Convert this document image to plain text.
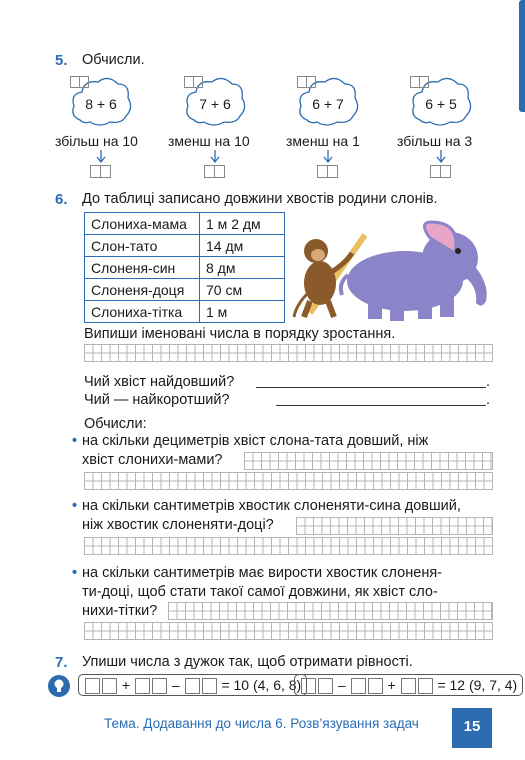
5. Обчисли.
8 + 6
збільш на 10
7 + 6
зменш на 10
6 + 7
зменш на 1
6 + 5
збільш на 3
6. До таблиці записано довжини хвостів родини слонів.
Слониха-мама	1 м 2 дм
Слон-тато	14 дм
Слоненя-син	8 дм
Слоненя-доця	70 см
Слониха-тітка	1 м
Випиши іменовані числа в порядку зростання.
Чий хвіст найдовший?	.
Чий — найкоротший?	.
Обчисли:
• на скільки дециметрів хвіст слона-тата довший, ніж
хвіст слонихи-мами?
• на скільки сантиметрів хвостик слоненяти-сина довший,
ніж хвостик слоненяти-доці?
• на скільки сантиметрів має вирости хвостик слоненя-
ти-доці, щоб стати такої самої довжини, як хвіст сло-
нихи-тітки?
7. Упиши числа з дужок так, щоб отримати рівності.
+	–	= 10 (4, 6, 8)	–	+	= 12 (9, 7, 4)
Тема. Додавання до числа 6. Розв’язування задач	15
